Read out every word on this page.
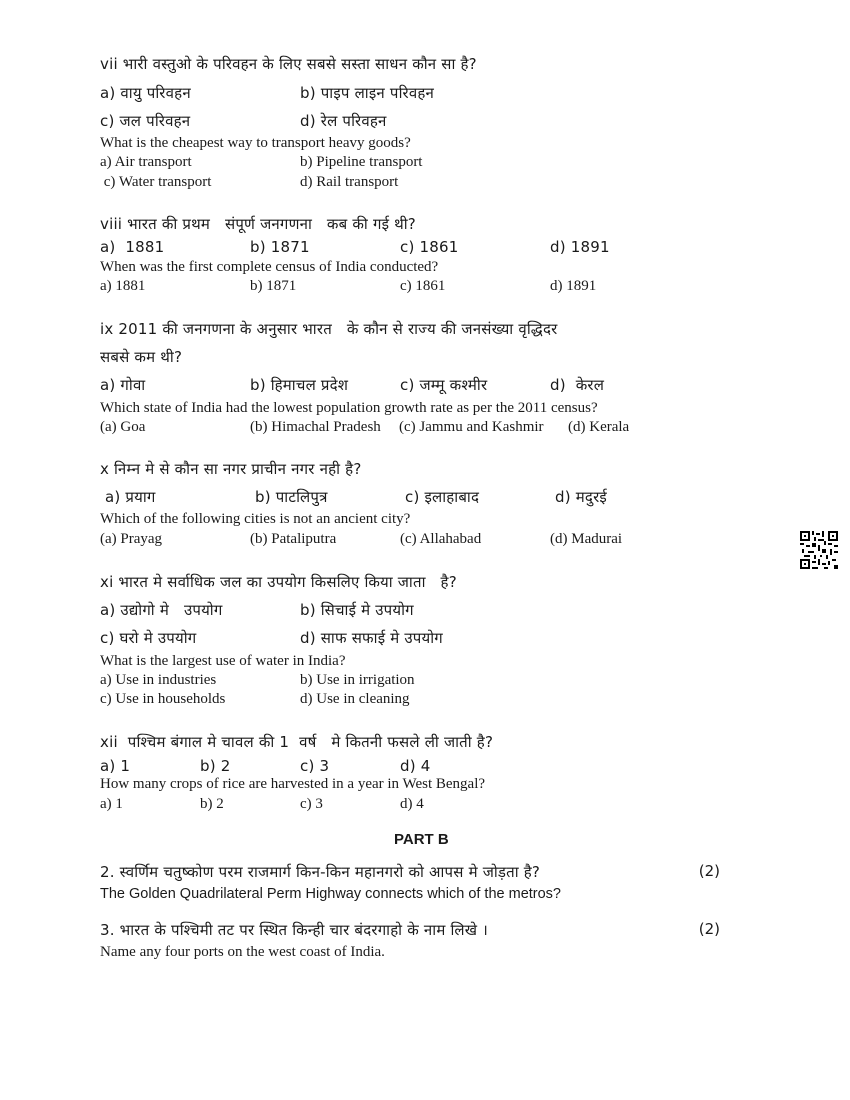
vii भारी वस्तुओ के परिवहन के लिए सबसे सस्ता साधन कौन सा है?
a) वायु परिवहन	b) पाइप लाइन परिवहन
c) जल परिवहन	d) रेल परिवहन
What is the cheapest way to transport heavy goods?
a) Air transport	b) Pipeline transport
c) Water transport	d) Rail transport
viii भारत की प्रथम   संपूर्ण जनगणना   कब की गई थी?
a)  1881	b) 1871	c) 1861	d) 1891
When was the first complete census of India conducted?
a) 1881	b) 1871	c) 1861	d) 1891
ix 2011 की जनगणना के अनुसार भारत   के कौन से राज्य की जनसंख्या वृद्धिदर
सबसे कम थी?
a) गोवा	b) हिमाचल प्रदेश	c) जम्मू कश्मीर	d)  केरल
Which state of India had the lowest population growth rate as per the 2011 census?
(a) Goa	(b) Himachal Pradesh (c) Jammu and Kashmir (d) Kerala
x निम्न मे से कौन सा नगर प्राचीन नगर नही है?
a) प्रयाग	b) पाटलिपुत्र	c) इलाहाबाद	d) मदुरई
Which of the following cities is not an ancient city?
(a) Prayag	(b) Pataliputra	(c) Allahabad	(d) Madurai
xi भारत मे सर्वाधिक जल का उपयोग किसलिए किया जाता   है?
a) उद्योगो मे   उपयोग	b) सिचाई मे उपयोग
c) घरो मे उपयोग	d) साफ सफाई मे उपयोग
What is the largest use of water in India?
a) Use in industries	b) Use in irrigation
c) Use in households	d) Use in cleaning
xii  पश्चिम बंगाल मे चावल की 1  वर्ष   मे कितनी फसले ली जाती है?
a) 1	b) 2	c) 3	d) 4
How many crops of rice are harvested in a year in West Bengal?
a) 1	b) 2	c) 3	d) 4
PART B
2. स्वर्णिम चतुष्कोण परम राजमार्ग किन-किन महानगरो को आपस मे जोड़ता है?	(2)
The Golden Quadrilateral Perm Highway connects which of the metros?
3. भारत के पश्चिमी तट पर स्थित किन्ही चार बंदरगाहो के नाम लिखे ।	(2)
Name any four ports on the west coast of India.
